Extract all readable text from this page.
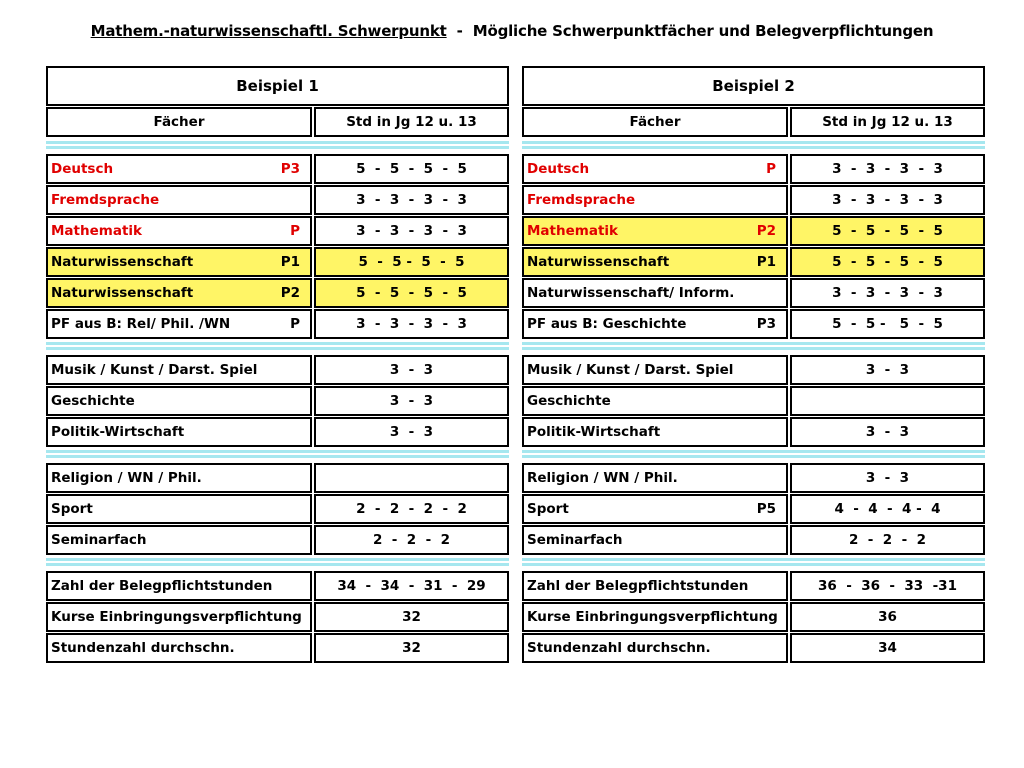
Mathem.-naturwissenschaftl. Schwerpunkt  -  Mögliche Schwerpunktfächer und Belegverpflichtungen
Beispiel 1
Fächer	Std in Jg 12 u. 13
Deutsch	P3	5  -  5  -  5  -  5
Fremdsprache	3  -  3  -  3  -  3
Mathematik	P	3  -  3  -  3  -  3
Naturwissenschaft	P1	5  -  5 -  5  -  5
Naturwissenschaft	P2	5  -  5  -  5  -  5
PF aus B: Rel/ Phil. /WN	P	3  -  3  -  3  -  3
Musik / Kunst / Darst. Spiel	3  -  3
Geschichte	3  -  3
Politik-Wirtschaft	3  -  3
Religion / WN / Phil.
Sport	2  -  2  -  2  -  2
Seminarfach	2  -  2  -  2
Zahl der Belegpflichtstunden	34  -  34  -  31  -  29
Kurse Einbringungsverpflichtung	32
Stundenzahl durchschn.	32
Beispiel 2
Fächer	Std in Jg 12 u. 13
Deutsch	P	3  -  3  -  3  -  3
Fremdsprache	3  -  3  -  3  -  3
Mathematik	P2	5  -  5  -  5  -  5
Naturwissenschaft	P1	5  -  5  -  5  -  5
Naturwissenschaft/ Inform.	3  -  3  -  3  -  3
PF aus B: Geschichte	P3	5  -  5 -   5  -  5
Musik / Kunst / Darst. Spiel	3  -  3
Geschichte
Politik-Wirtschaft	3  -  3
Religion / WN / Phil.	3  -  3
Sport	P5	4  -  4  -  4 -  4
Seminarfach	2  -  2  -  2
Zahl der Belegpflichtstunden	36  -  36  -  33  -31
Kurse Einbringungsverpflichtung	36
Stundenzahl durchschn.	34
